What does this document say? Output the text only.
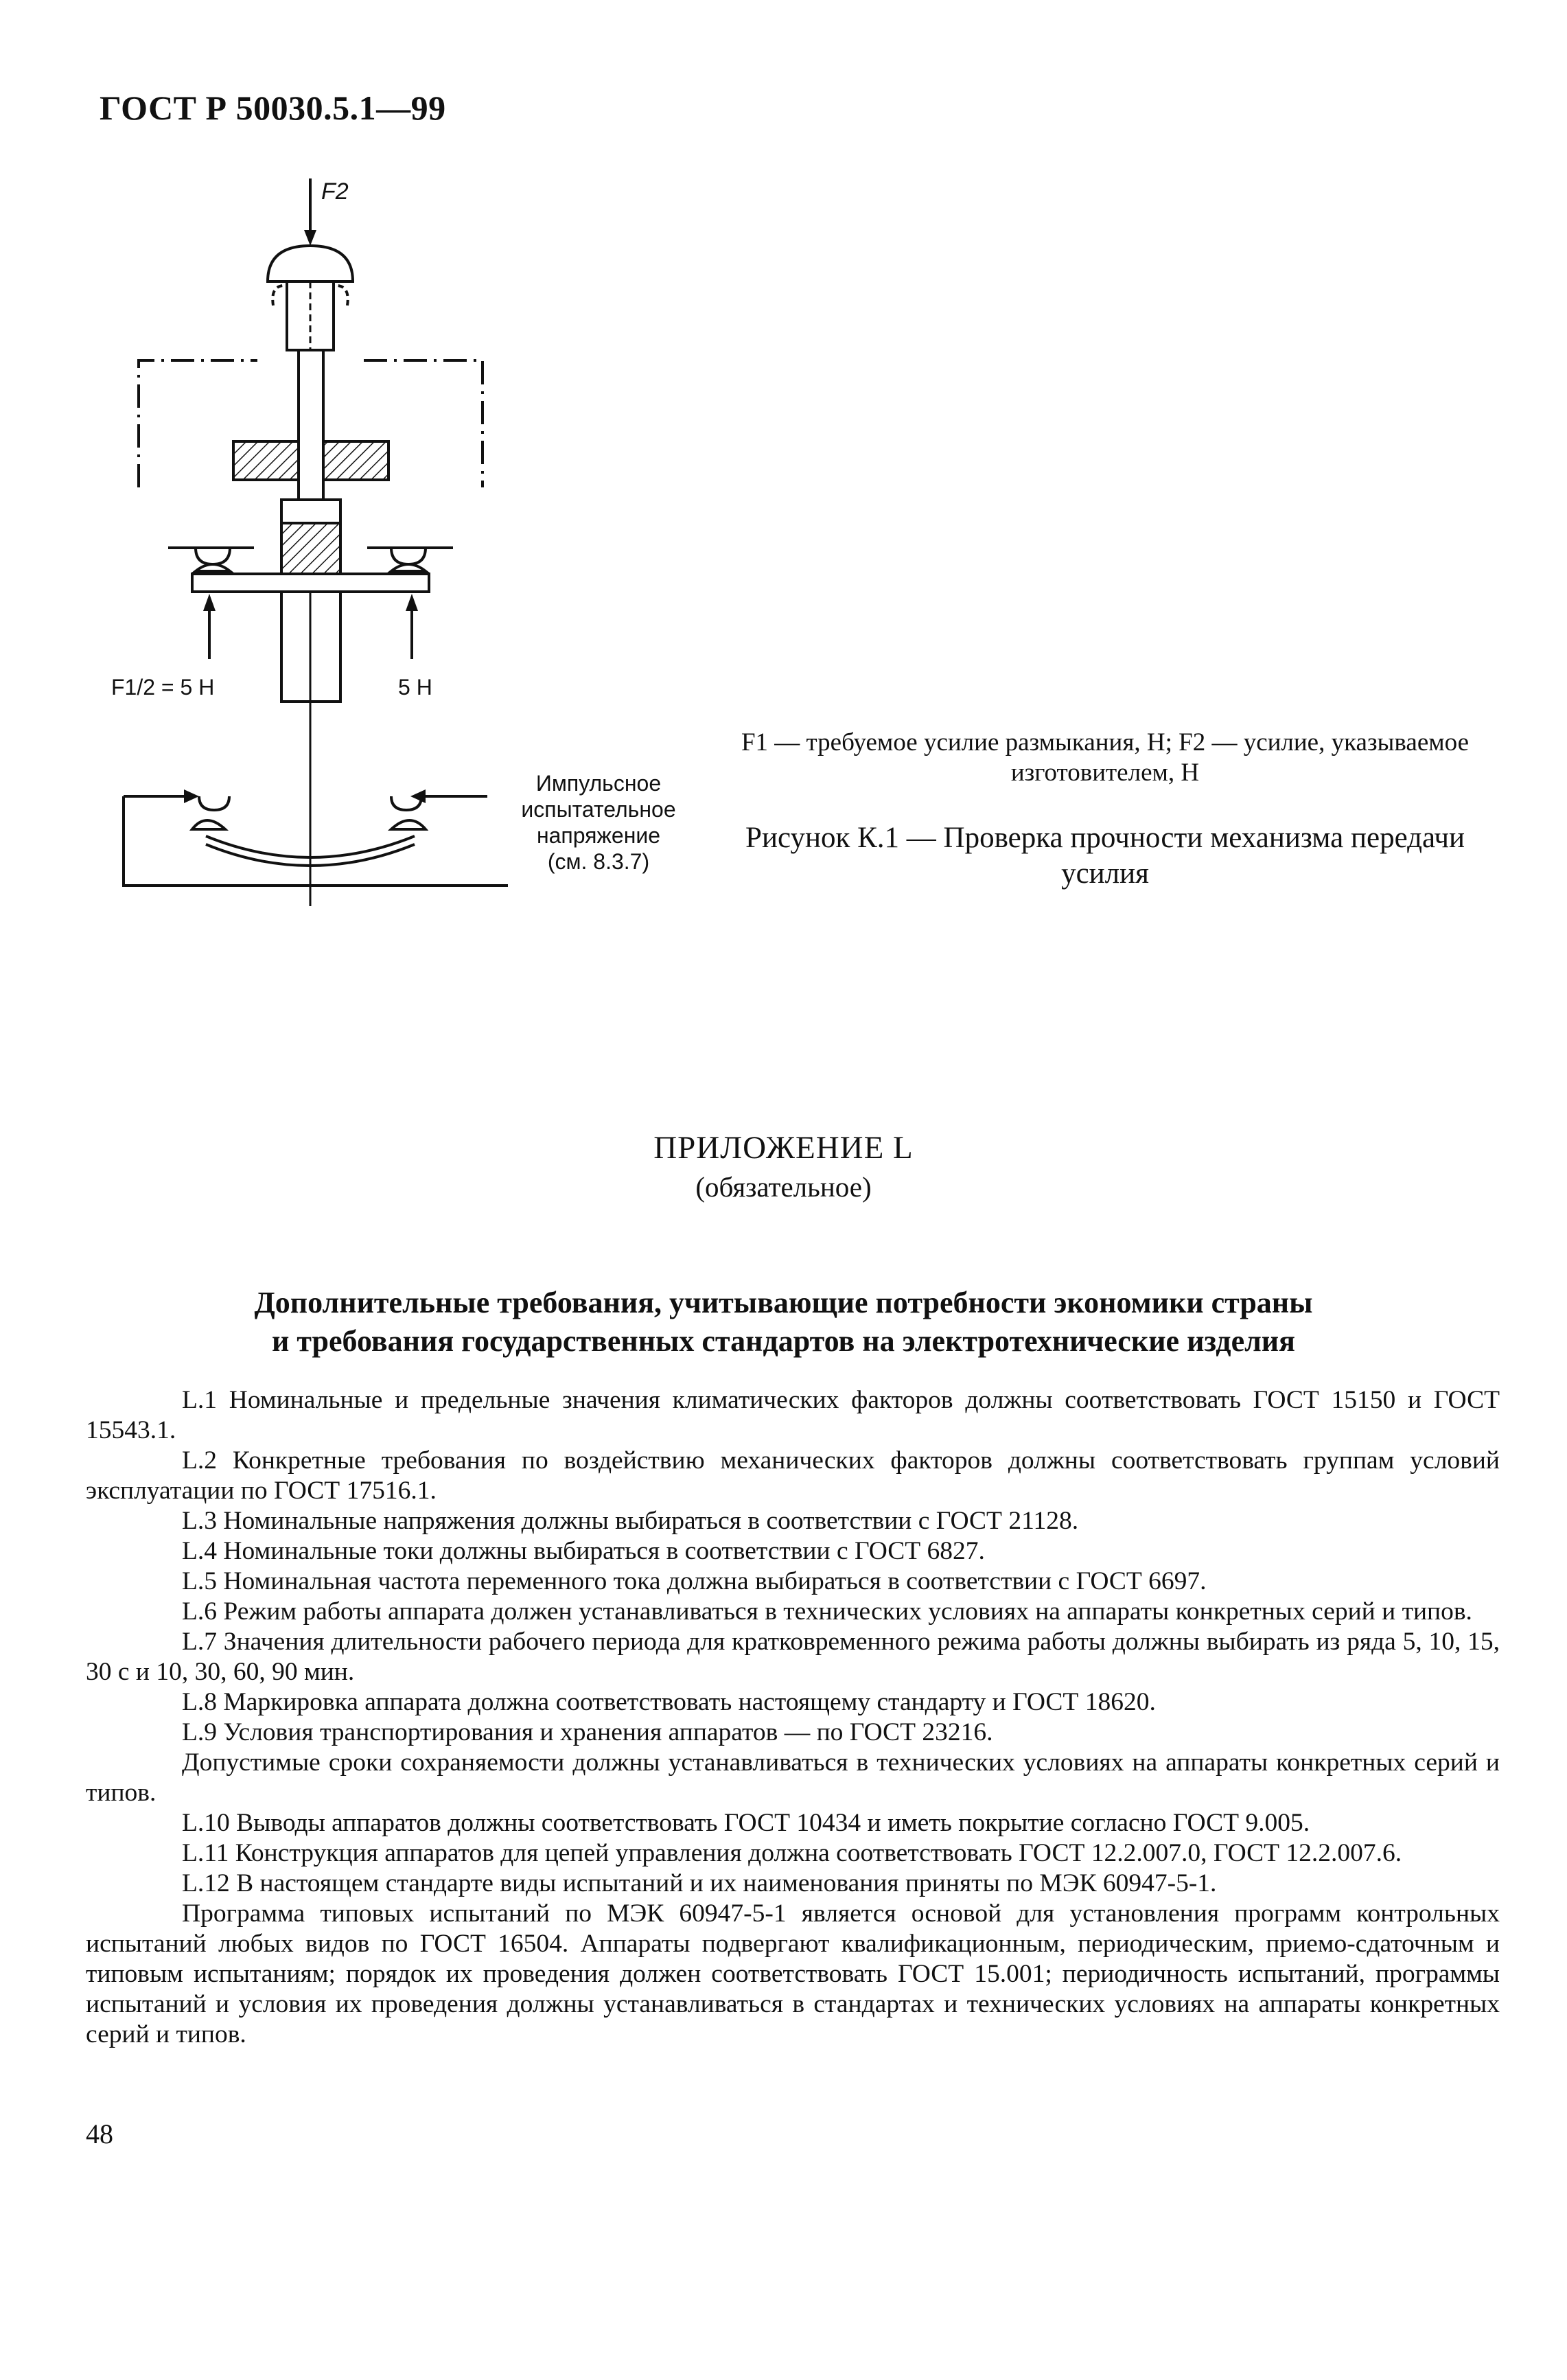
ГОСТ Р 50030.5.1—99
F2
F1/2 = 5 H	5 H
Импульсное
испытательное
напряжение
(см. 8.3.7)
F1 — требуемое усилие размыкания, Н; F2 — усилие, указываемое изготовителем, Н
Рисунок К.1 — Проверка прочности механизма передачи усилия
ПРИЛОЖЕНИЕ L
(обязательное)
Дополнительные требования, учитывающие потребности экономики страны
и требования государственных стандартов на электротехнические изделия

L.1 Номинальные и предельные значения климатических факторов должны соответствовать ГОСТ 15150 и ГОСТ 15543.1.

L.2 Конкретные требования по воздействию механических факторов должны соответствовать группам условий эксплуатации по ГОСТ 17516.1.

L.3 Номинальные напряжения должны выбираться в соответствии с ГОСТ 21128.

L.4 Номинальные токи должны выбираться в соответствии с ГОСТ 6827.

L.5 Номинальная частота переменного тока должна выбираться в соответствии с ГОСТ 6697.

L.6 Режим работы аппарата должен устанавливаться в технических условиях на аппараты конкретных серий и типов.

L.7 Значения длительности рабочего периода для кратковременного режима работы должны выбирать из ряда 5, 10, 15, 30 с и 10, 30, 60, 90 мин.

L.8 Маркировка аппарата должна соответствовать настоящему стандарту и ГОСТ 18620.

L.9 Условия транспортирования и хранения аппаратов — по ГОСТ 23216.

Допустимые сроки сохраняемости должны устанавливаться в технических условиях на аппараты конкретных серий и типов.

L.10 Выводы аппаратов должны соответствовать ГОСТ 10434 и иметь покрытие согласно ГОСТ 9.005.

L.11 Конструкция аппаратов для цепей управления должна соответствовать ГОСТ 12.2.007.0, ГОСТ 12.2.007.6.

L.12 В настоящем стандарте виды испытаний и их наименования приняты по МЭК 60947-5-1.

Программа типовых испытаний по МЭК 60947-5-1 является основой для установления программ контрольных испытаний любых видов по ГОСТ 16504. Аппараты подвергают квалификационным, периодическим, приемо-сдаточным и типовым испытаниям; порядок их проведения должен соответствовать ГОСТ 15.001; периодичность испытаний, программы испытаний и условия их проведения должны устанавливаться в стандартах и технических условиях на аппараты конкретных серий и типов.

48
